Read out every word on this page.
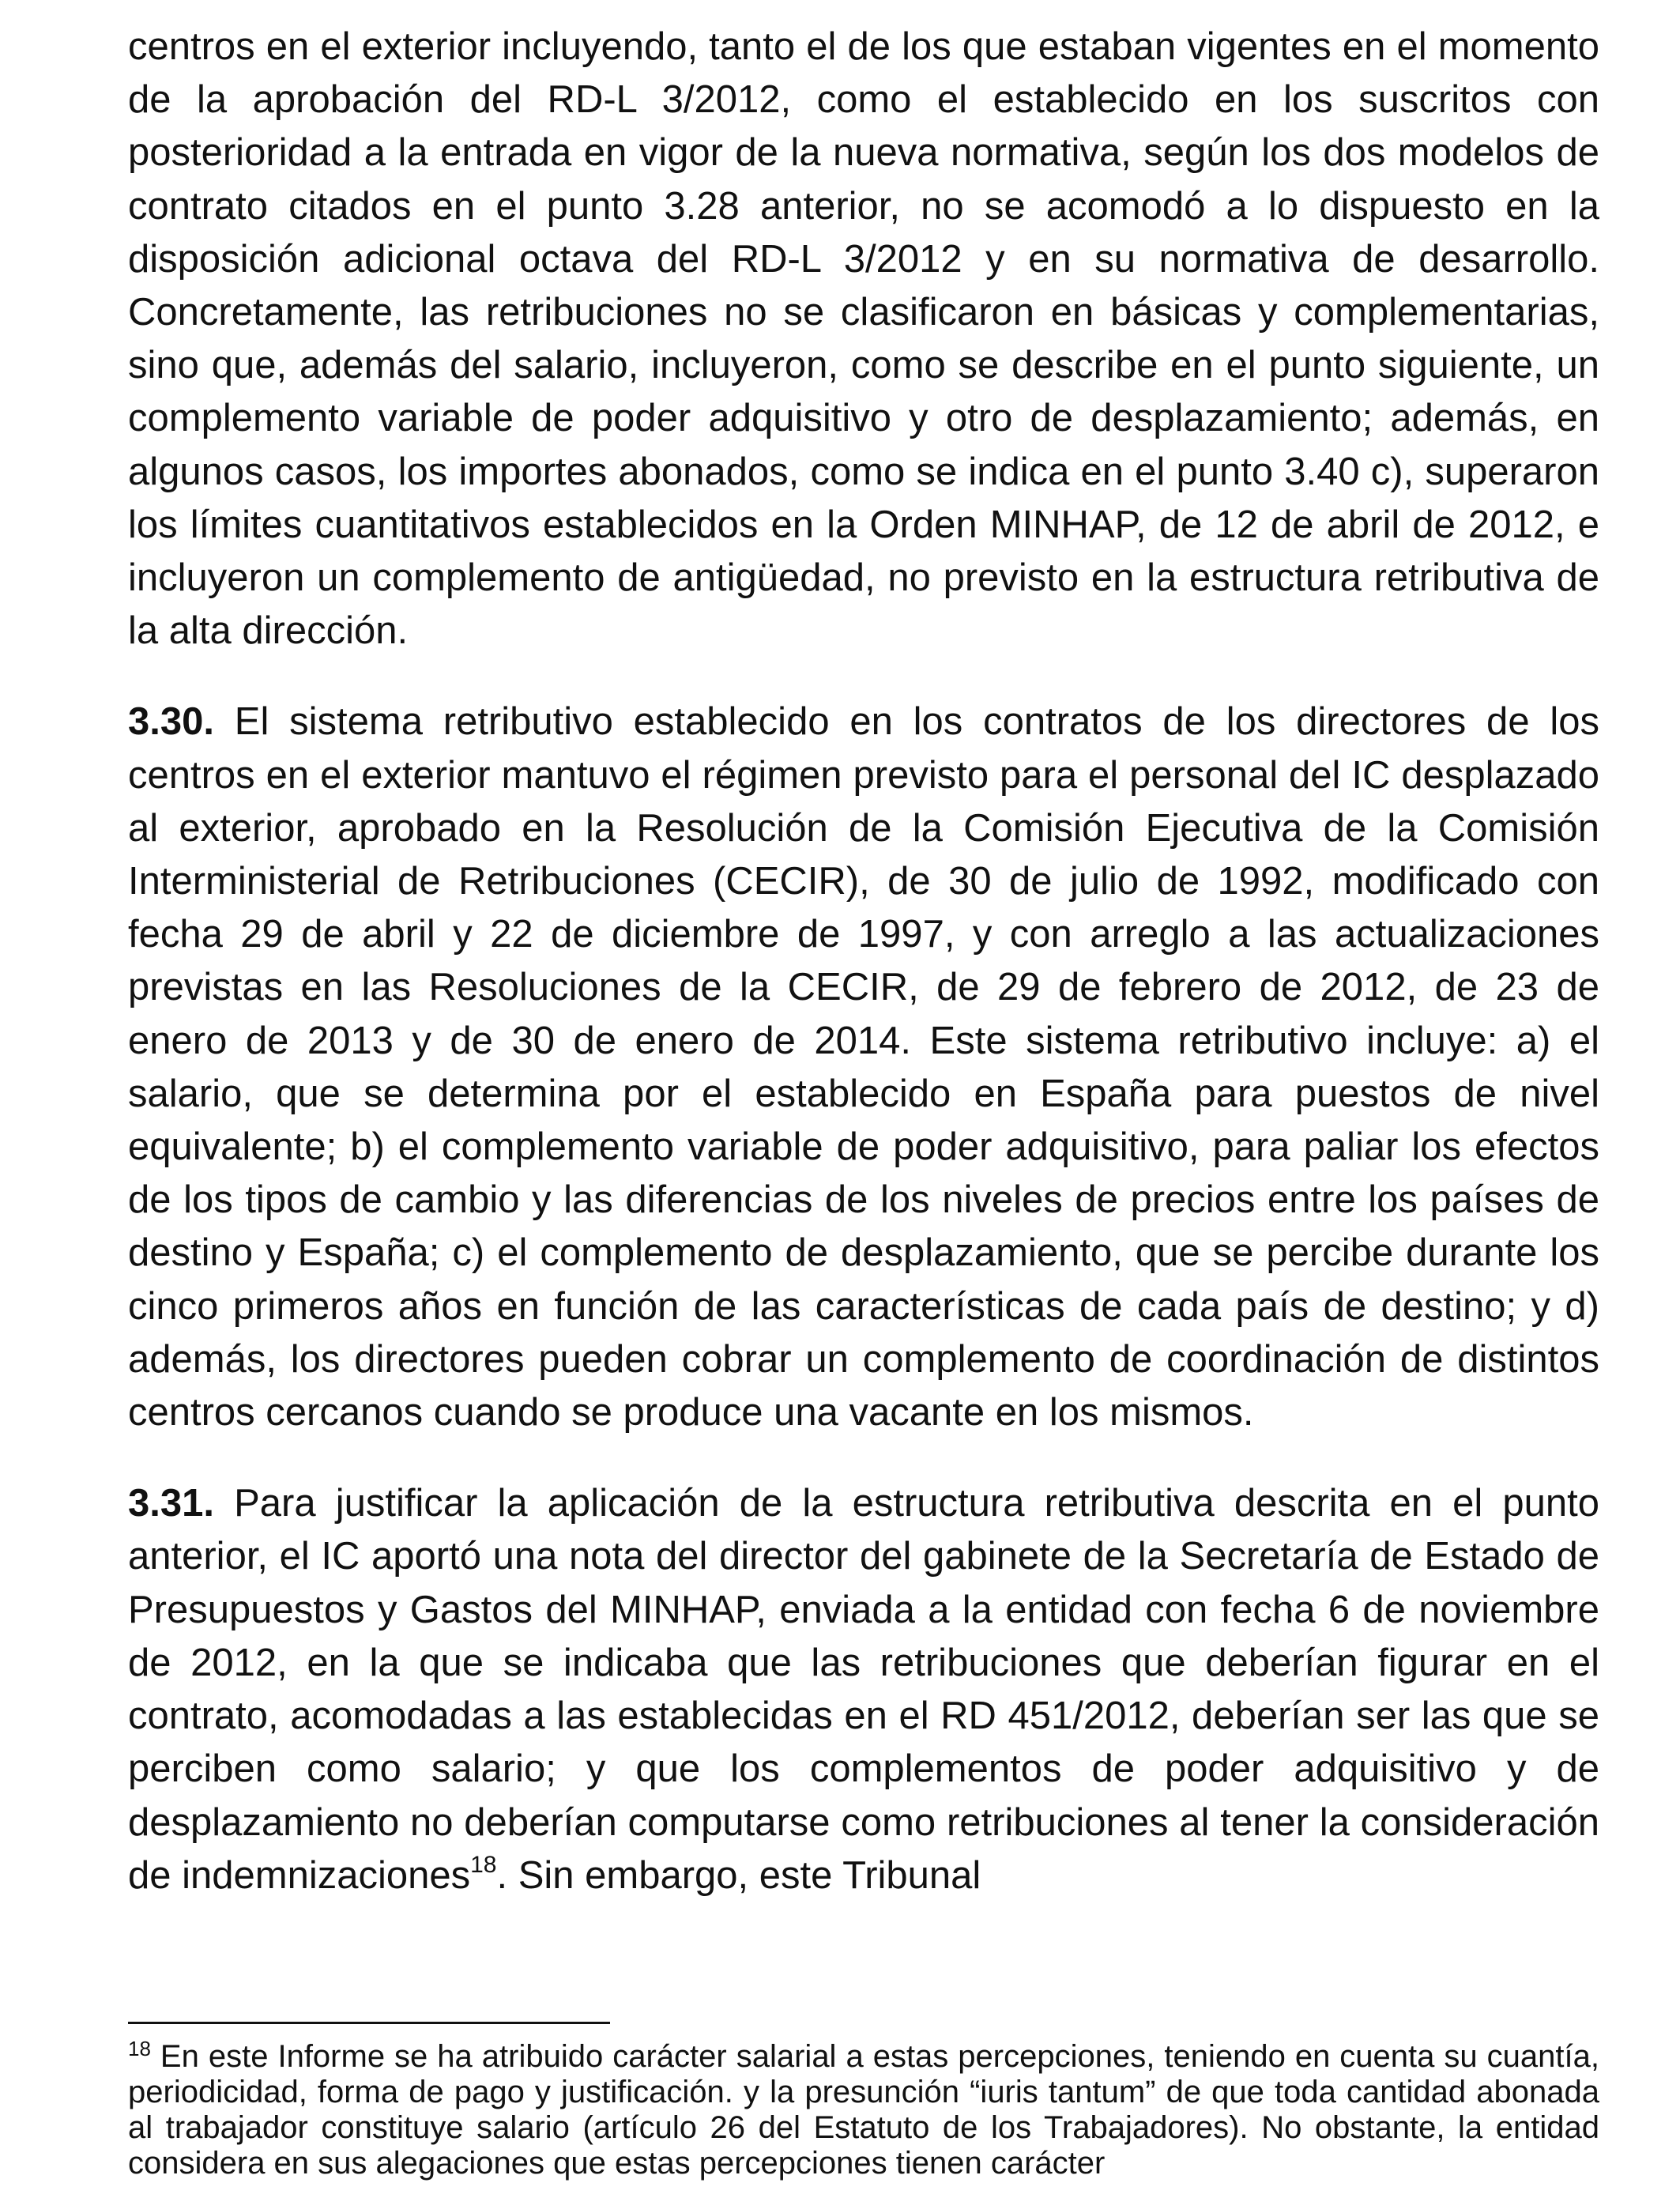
centros en el exterior incluyendo, tanto el de los que estaban vigentes en el momento de la aprobación del RD-L 3/2012, como el establecido en los suscritos con posterioridad a la entrada en vigor de la nueva normativa, según los dos modelos de contrato citados en el punto 3.28 anterior, no se acomodó a lo dispuesto en la disposición adicional octava del RD-L 3/2012 y en su normativa de desarrollo. Concretamente, las retribuciones no se clasificaron en básicas y complementarias, sino que, además del salario, incluyeron, como se describe en el punto siguiente, un complemento variable de poder adquisitivo y otro de desplazamiento; además, en algunos casos, los importes abonados, como se indica en el punto 3.40 c), superaron los límites cuantitativos establecidos en la Orden MINHAP, de 12 de abril de 2012, e incluyeron un complemento de antigüedad, no previsto en la estructura retributiva de la alta dirección.

3.30. El sistema retributivo establecido en los contratos de los directores de los centros en el exterior mantuvo el régimen previsto para el personal del IC desplazado al exterior, aprobado en la Resolución de la Comisión Ejecutiva de la Comisión Interministerial de Retribuciones (CECIR), de 30 de julio de 1992, modificado con fecha 29 de abril y 22 de diciembre de 1997, y con arreglo a las actualizaciones previstas en las Resoluciones de la CECIR, de 29 de febrero de 2012, de 23 de enero de 2013 y de 30 de enero de 2014. Este sistema retributivo incluye: a) el salario, que se determina por el establecido en España para puestos de nivel equivalente; b) el complemento variable de poder adquisitivo, para paliar los efectos de los tipos de cambio y las diferencias de los niveles de precios entre los países de destino y España; c) el complemento de desplazamiento, que se percibe durante los cinco primeros años en función de las características de cada país de destino; y d) además, los directores pueden cobrar un complemento de coordinación de distintos centros cercanos cuando se produce una vacante en los mismos.

3.31. Para justificar la aplicación de la estructura retributiva descrita en el punto anterior, el IC aportó una nota del director del gabinete de la Secretaría de Estado de Presupuestos y Gastos del MINHAP, enviada a la entidad con fecha 6 de noviembre de 2012, en la que se indicaba que las retribuciones que deberían figurar en el contrato, acomodadas a las establecidas en el RD 451/2012, deberían ser las que se perciben como salario; y que los complementos de poder adquisitivo y de desplazamiento no deberían computarse como retribuciones al tener la consideración de indemnizaciones$^{18}$. Sin embargo, este Tribunal

$^{18}$ En este Informe se ha atribuido carácter salarial a estas percepciones, teniendo en cuenta su cuantía, periodicidad, forma de pago y justificación. y la presunción “iuris tantum” de que toda cantidad abonada al trabajador constituye salario (artículo 26 del Estatuto de los Trabajadores). No obstante, la entidad considera en sus alegaciones que estas percepciones tienen carácter
